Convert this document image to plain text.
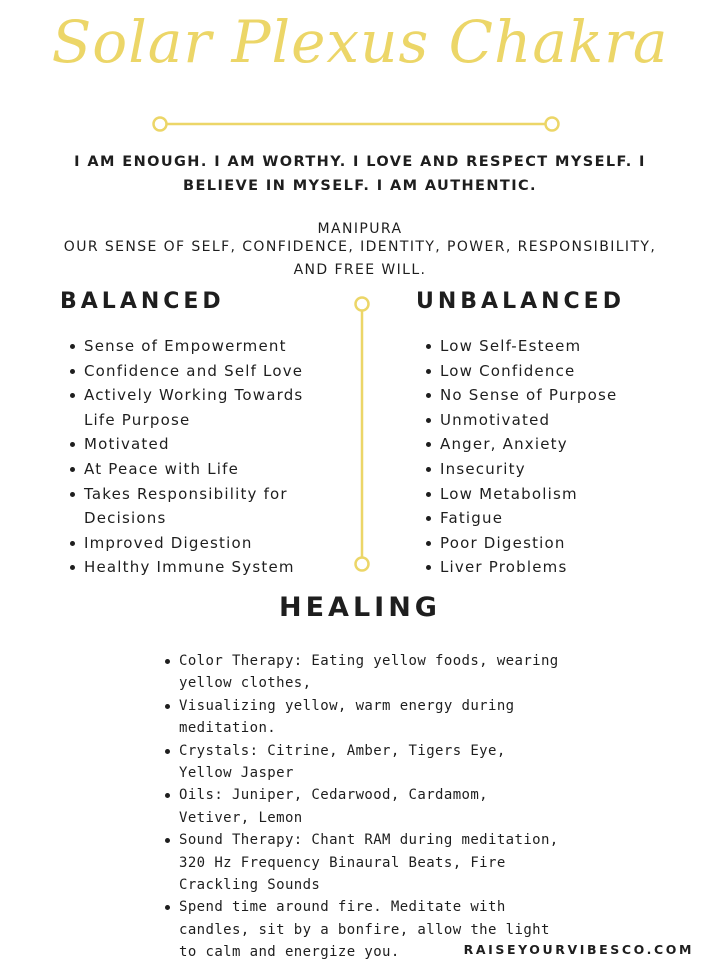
Solar Plexus Chakra

I AM ENOUGH. I AM WORTHY. I LOVE AND RESPECT MYSELF. I BELIEVE IN MYSELF. I AM AUTHENTIC.

MANIPURA

OUR SENSE OF SELF, CONFIDENCE, IDENTITY, POWER, RESPONSIBILITY, AND FREE WILL.

BALANCED	UNBALANCED
Sense of Empowerment
Confidence and Self Love
Actively Working Towards Life Purpose
Motivated
At Peace with Life
Takes Responsibility for Decisions
Improved Digestion
Healthy Immune System
Low Self-Esteem
Low Confidence
No Sense of Purpose
Unmotivated
Anger, Anxiety
Insecurity
Low Metabolism
Fatigue
Poor Digestion
Liver Problems
HEALING
Color Therapy: Eating yellow foods, wearing yellow clothes,
Visualizing yellow, warm energy during meditation.
Crystals: Citrine, Amber, Tigers Eye, Yellow Jasper
Oils: Juniper, Cedarwood, Cardamom, Vetiver, Lemon
Sound Therapy: Chant RAM during meditation, 320 Hz Frequency Binaural Beats, Fire Crackling Sounds
Spend time around fire. Meditate with candles, sit by a bonfire, allow the light to calm and energize you.	RAISEYOURVIBESCO.COM
